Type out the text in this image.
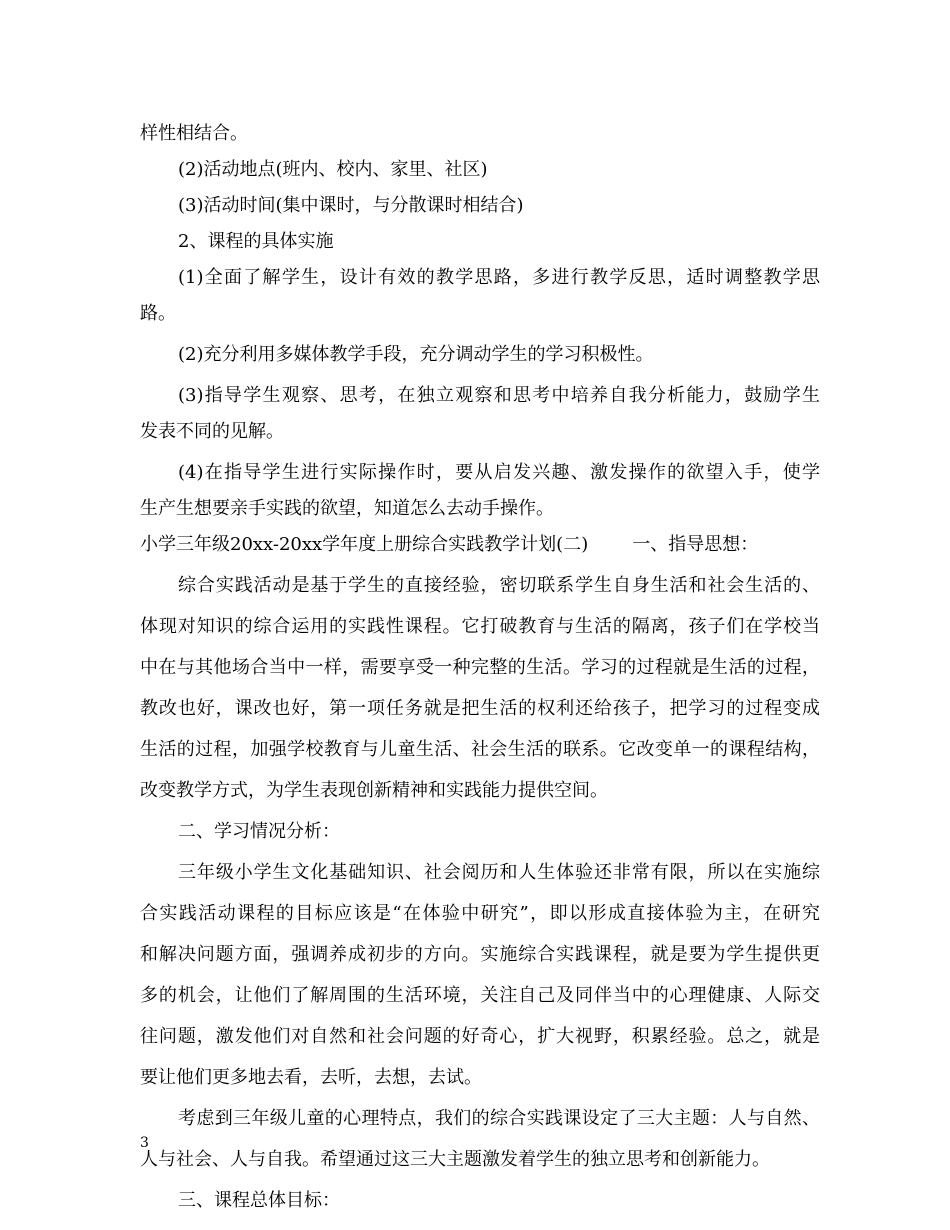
样性相结合。
(2)活动地点(班内、校内、家里、社区)
(3)活动时间(集中课时，与分散课时相结合)
2、课程的具体实施
(1)全面了解学生，设计有效的教学思路，多进行教学反思，适时调整教学思
路。
(2)充分利用多媒体教学手段，充分调动学生的学习积极性。
(3)指导学生观察、思考，在独立观察和思考中培养自我分析能力，鼓励学生
发表不同的见解。
(4)在指导学生进行实际操作时，要从启发兴趣、激发操作的欲望入手，使学
生产生想要亲手实践的欲望，知道怎么去动手操作。
小学三年级20xx-20xx学年度上册综合实践教学计划(二) 一、指导思想：
综合实践活动是基于学生的直接经验，密切联系学生自身生活和社会生活的、
体现对知识的综合运用的实践性课程。它打破教育与生活的隔离，孩子们在学校当
中在与其他场合当中一样，需要享受一种完整的生活。学习的过程就是生活的过程，
教改也好，课改也好，第一项任务就是把生活的权利还给孩子，把学习的过程变成
生活的过程，加强学校教育与儿童生活、社会生活的联系。它改变单一的课程结构，
改变教学方式，为学生表现创新精神和实践能力提供空间。
二、学习情况分析：
三年级小学生文化基础知识、社会阅历和人生体验还非常有限，所以在实施综
合实践活动课程的目标应该是“在体验中研究”，即以形成直接体验为主，在研究
和解决问题方面，强调养成初步的方向。实施综合实践课程，就是要为学生提供更
多的机会，让他们了解周围的生活环境，关注自己及同伴当中的心理健康、人际交
往问题，激发他们对自然和社会问题的好奇心，扩大视野，积累经验。总之，就是
要让他们更多地去看，去听，去想，去试。
考虑到三年级儿童的心理特点，我们的综合实践课设定了三大主题：人与自然、
人与社会、人与自我。希望通过这三大主题激发着学生的独立思考和创新能力。
三、课程总体目标：
3
